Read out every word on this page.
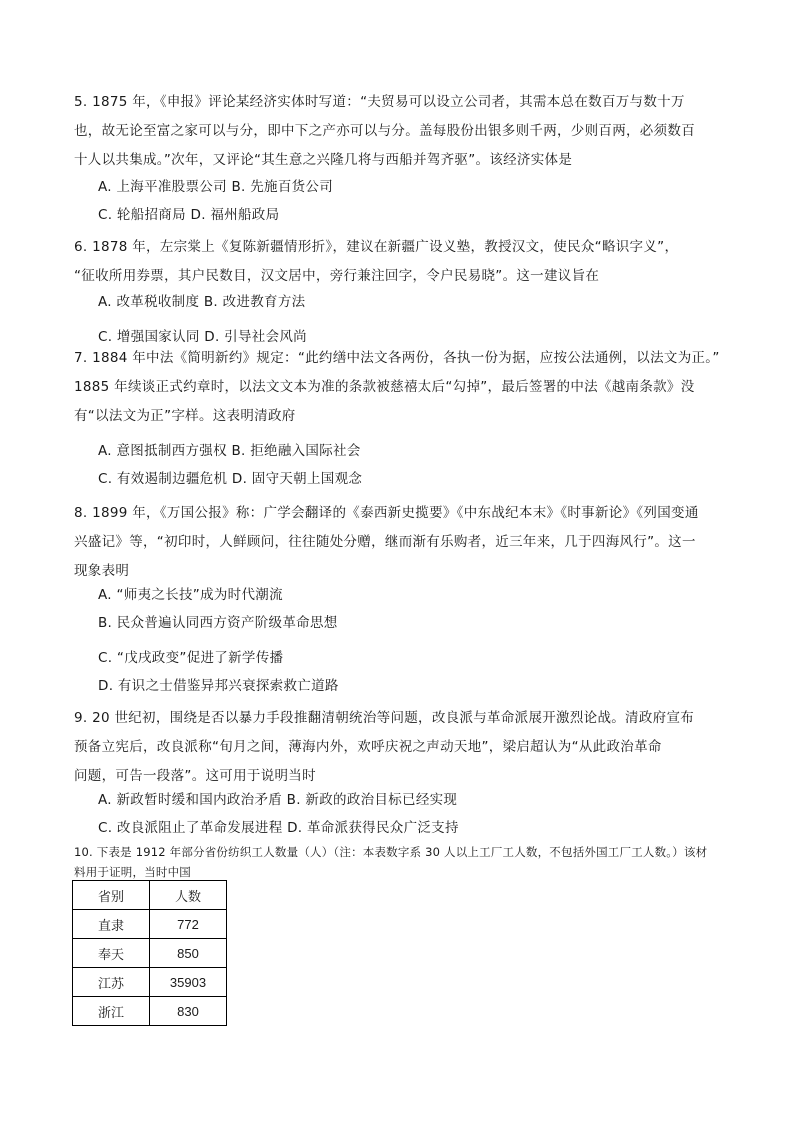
5. 1875 年，《申报》评论某经济实体时写道：“夫贸易可以设立公司者，其需本总在数百万与数十万

也，故无论至富之家可以与分，即中下之产亦可以与分。盖每股份出银多则千两，少则百两，必须数百

十人以共集成。”次年，又评论“其生意之兴隆几将与西船并驾齐驱”。该经济实体是

A. 上海平准股票公司 B. 先施百货公司
C. 轮船招商局 D. 福州船政局

6. 1878 年，左宗棠上《复陈新疆情形折》，建议在新疆广设义塾，教授汉文，使民众“略识字义”，

“征收所用券票，其户民数目，汉文居中，旁行兼注回字，令户民易晓”。这一建议旨在

A. 改革税收制度 B. 改进教育方法
C. 增强国家认同 D. 引导社会风尚

7. 1884 年中法《简明新约》规定：“此约缮中法文各两份，各执一份为据，应按公法通例，以法文为正。”

1885 年续谈正式约章时，以法文文本为准的条款被慈禧太后“勾掉”，最后签署的中法《越南条款》没

有“以法文为正”字样。这表明清政府

A. 意图抵制西方强权 B. 拒绝融入国际社会
C. 有效遏制边疆危机 D. 固守天朝上国观念

8. 1899 年，《万国公报》称：广学会翻译的《泰西新史揽要》《中东战纪本末》《时事新论》《列国变通

兴盛记》等，“初印时，人鲜顾问，往往随处分赠，继而渐有乐购者，近三年来，几于四海风行”。这一

现象表明

A. “师夷之长技”成为时代潮流
B. 民众普遍认同西方资产阶级革命思想
C. “戊戌政变”促进了新学传播
D. 有识之士借鉴异邦兴衰探索救亡道路

9. 20 世纪初，围绕是否以暴力手段推翻清朝统治等问题，改良派与革命派展开激烈论战。清政府宣布

预备立宪后，改良派称“旬月之间，薄海内外，欢呼庆祝之声动天地”，梁启超认为“从此政治革命

问题，可告一段落”。这可用于说明当时

A. 新政暂时缓和国内政治矛盾 B. 新政的政治目标已经实现
C. 改良派阻止了革命发展进程 D. 革命派获得民众广泛支持

10. 下表是 1912 年部分省份纺织工人数量（人）（注：本表数字系 30 人以上工厂工人数，不包括外国工厂工人数。）该材

料用于证明，当时中国

省别	人数
直隶	772
奉天	850
江苏	35903
浙江	830
